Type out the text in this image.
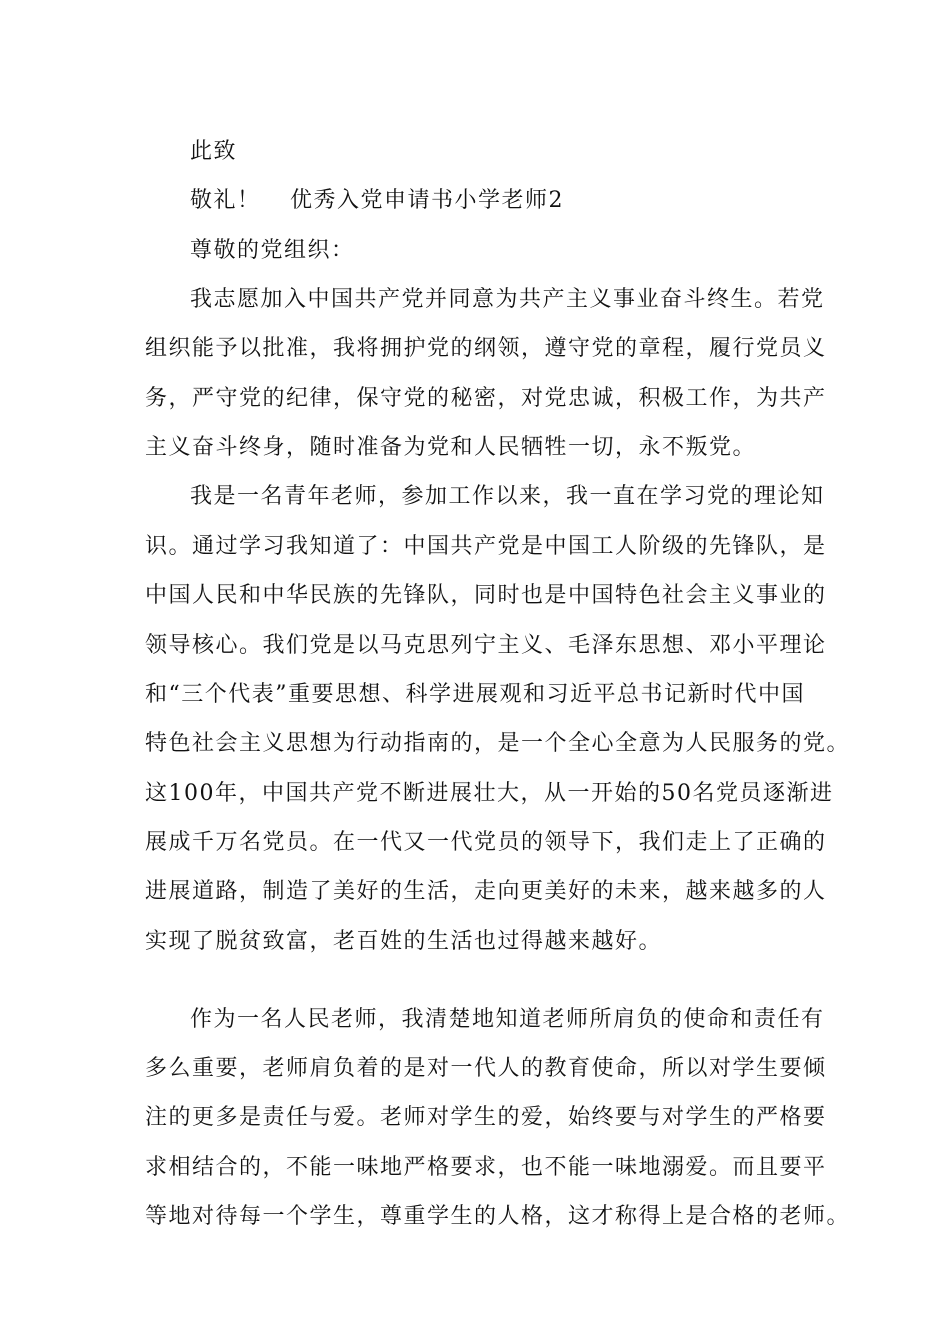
此致
敬礼！ 优秀入党申请书小学老师2
尊敬的党组织：
我志愿加入中国共产党并同意为共产主义事业奋斗终生。若党
组织能予以批准，我将拥护党的纲领，遵守党的章程，履行党员义
务，严守党的纪律，保守党的秘密，对党忠诚，积极工作，为共产
主义奋斗终身，随时准备为党和人民牺牲一切，永不叛党。
我是一名青年老师，参加工作以来，我一直在学习党的理论知
识。通过学习我知道了：中国共产党是中国工人阶级的先锋队，是
中国人民和中华民族的先锋队，同时也是中国特色社会主义事业的
领导核心。我们党是以马克思列宁主义、毛泽东思想、邓小平理论
和“三个代表”重要思想、科学进展观和习近平总书记新时代中国
特色社会主义思想为行动指南的，是一个全心全意为人民服务的党。
这100年，中国共产党不断进展壮大，从一开始的50名党员逐渐进
展成千万名党员。在一代又一代党员的领导下，我们走上了正确的
进展道路，制造了美好的生活，走向更美好的未来，越来越多的人
实现了脱贫致富，老百姓的生活也过得越来越好。
作为一名人民老师，我清楚地知道老师所肩负的使命和责任有
多么重要，老师肩负着的是对一代人的教育使命，所以对学生要倾
注的更多是责任与爱。老师对学生的爱，始终要与对学生的严格要
求相结合的，不能一味地严格要求，也不能一味地溺爱。而且要平
等地对待每一个学生，尊重学生的人格，这才称得上是合格的老师。
